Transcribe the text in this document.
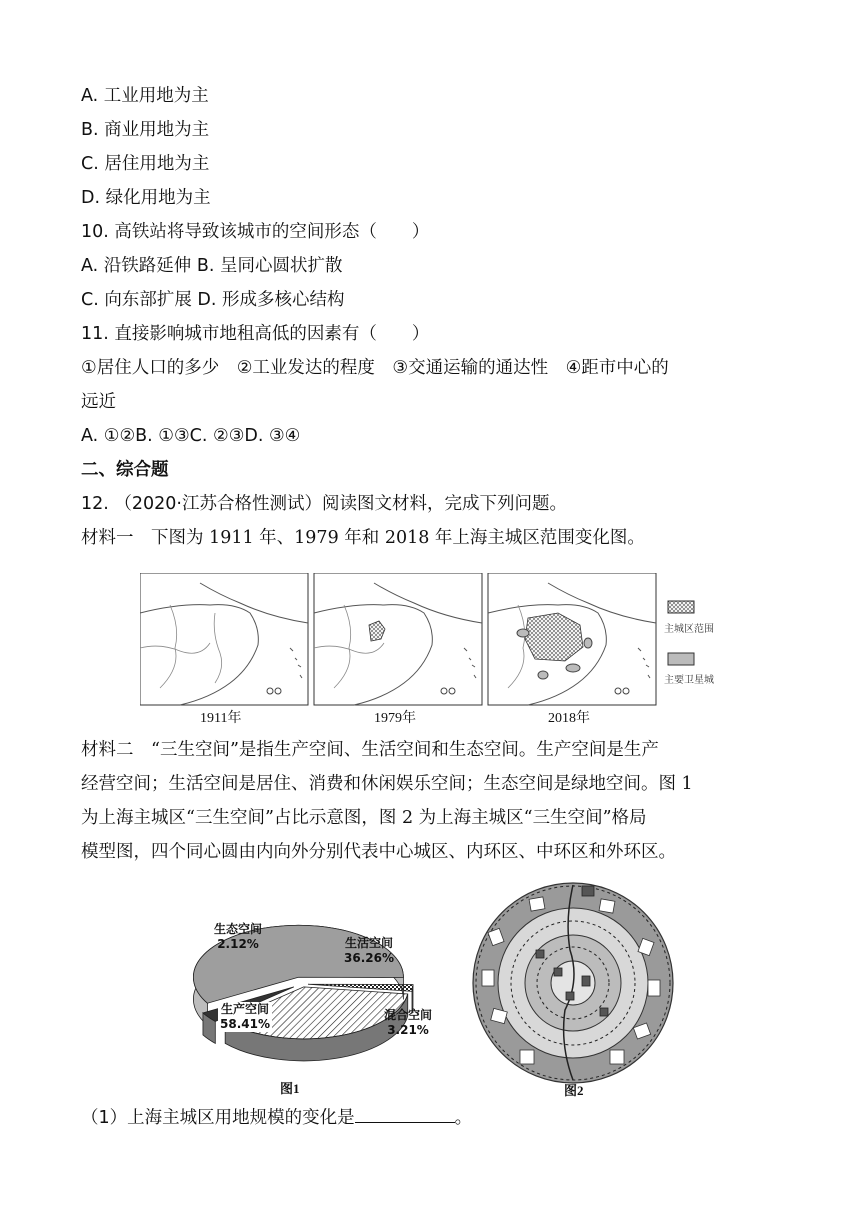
A. 工业用地为主
B. 商业用地为主
C. 居住用地为主
D. 绿化用地为主
10. 高铁站将导致该城市的空间形态（　　）
A. 沿铁路延伸 B. 呈同心圆状扩散
C. 向东部扩展 D. 形成多核心结构
11. 直接影响城市地租高低的因素有（　　）
①居住人口的多少　②工业发达的程度　③交通运输的通达性　④距市中心的
远近
A. ①②B. ①③C. ②③D. ③④
二、综合题
12. （2020·江苏合格性测试）阅读图文材料，完成下列问题。
材料一　下图为 1911 年、1979 年和 2018 年上海主城区范围变化图。
主城区范围
主要卫星城
1911年	1979年	2018年
材料二　“三生空间”是指生产空间、生活空间和生态空间。生产空间是生产
经营空间；生活空间是居住、消费和休闲娱乐空间；生态空间是绿地空间。图 1
为上海主城区“三生空间”占比示意图，图 2 为上海主城区“三生空间”格局
模型图，四个同心圆由内向外分别代表中心城区、内环区、中环区和外环区。
生态空间
2.12%	生活空间
36.26%
生产空间
58.41%
混合空间
3.21%
图1	图2
（1）上海主城区用地规模的变化是	。
